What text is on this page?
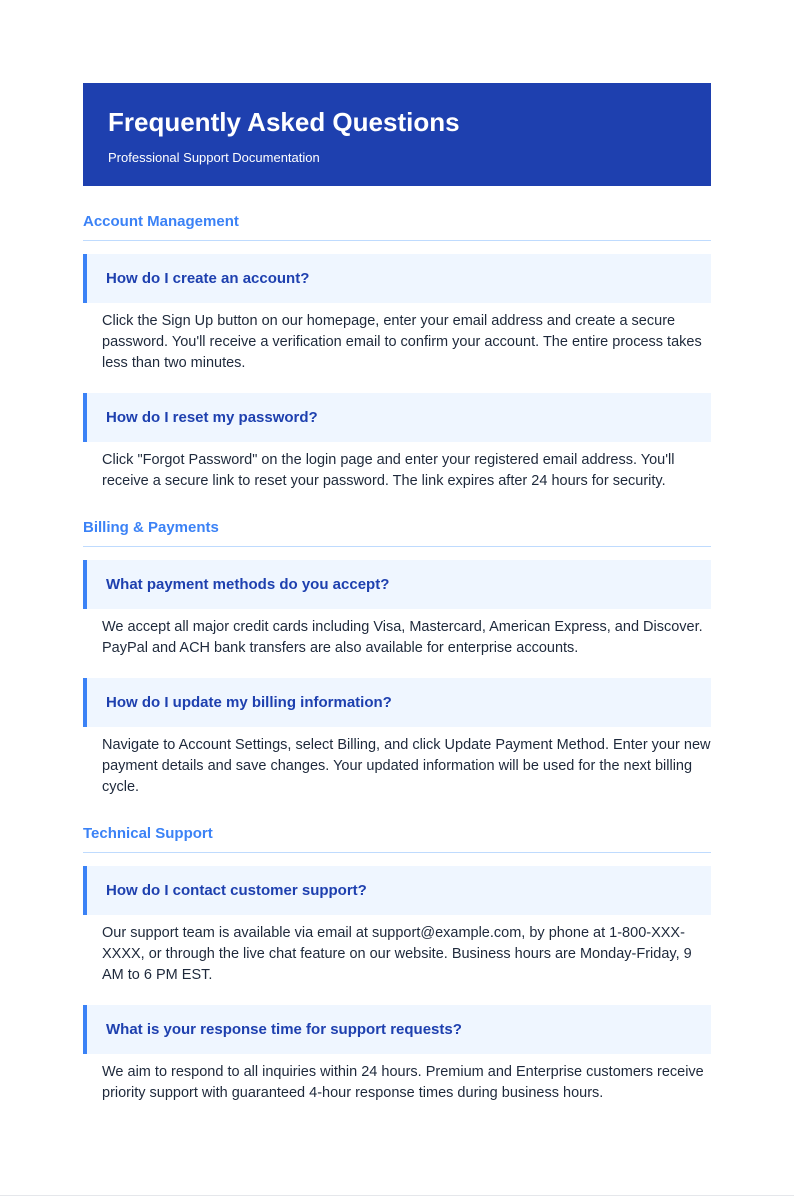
Frequently Asked Questions
Professional Support Documentation
Account Management
How do I create an account?
Click the Sign Up button on our homepage, enter your email address and create a secure password. You'll receive a verification email to confirm your account. The entire process takes less than two minutes.
How do I reset my password?
Click "Forgot Password" on the login page and enter your registered email address. You'll receive a secure link to reset your password. The link expires after 24 hours for security.
Billing & Payments
What payment methods do you accept?
We accept all major credit cards including Visa, Mastercard, American Express, and Discover. PayPal and ACH bank transfers are also available for enterprise accounts.
How do I update my billing information?
Navigate to Account Settings, select Billing, and click Update Payment Method. Enter your new payment details and save changes. Your updated information will be used for the next billing cycle.
Technical Support
How do I contact customer support?
Our support team is available via email at support@example.com, by phone at 1-800-XXX-XXXX, or through the live chat feature on our website. Business hours are Monday-Friday, 9 AM to 6 PM EST.
What is your response time for support requests?
We aim to respond to all inquiries within 24 hours. Premium and Enterprise customers receive priority support with guaranteed 4-hour response times during business hours.
